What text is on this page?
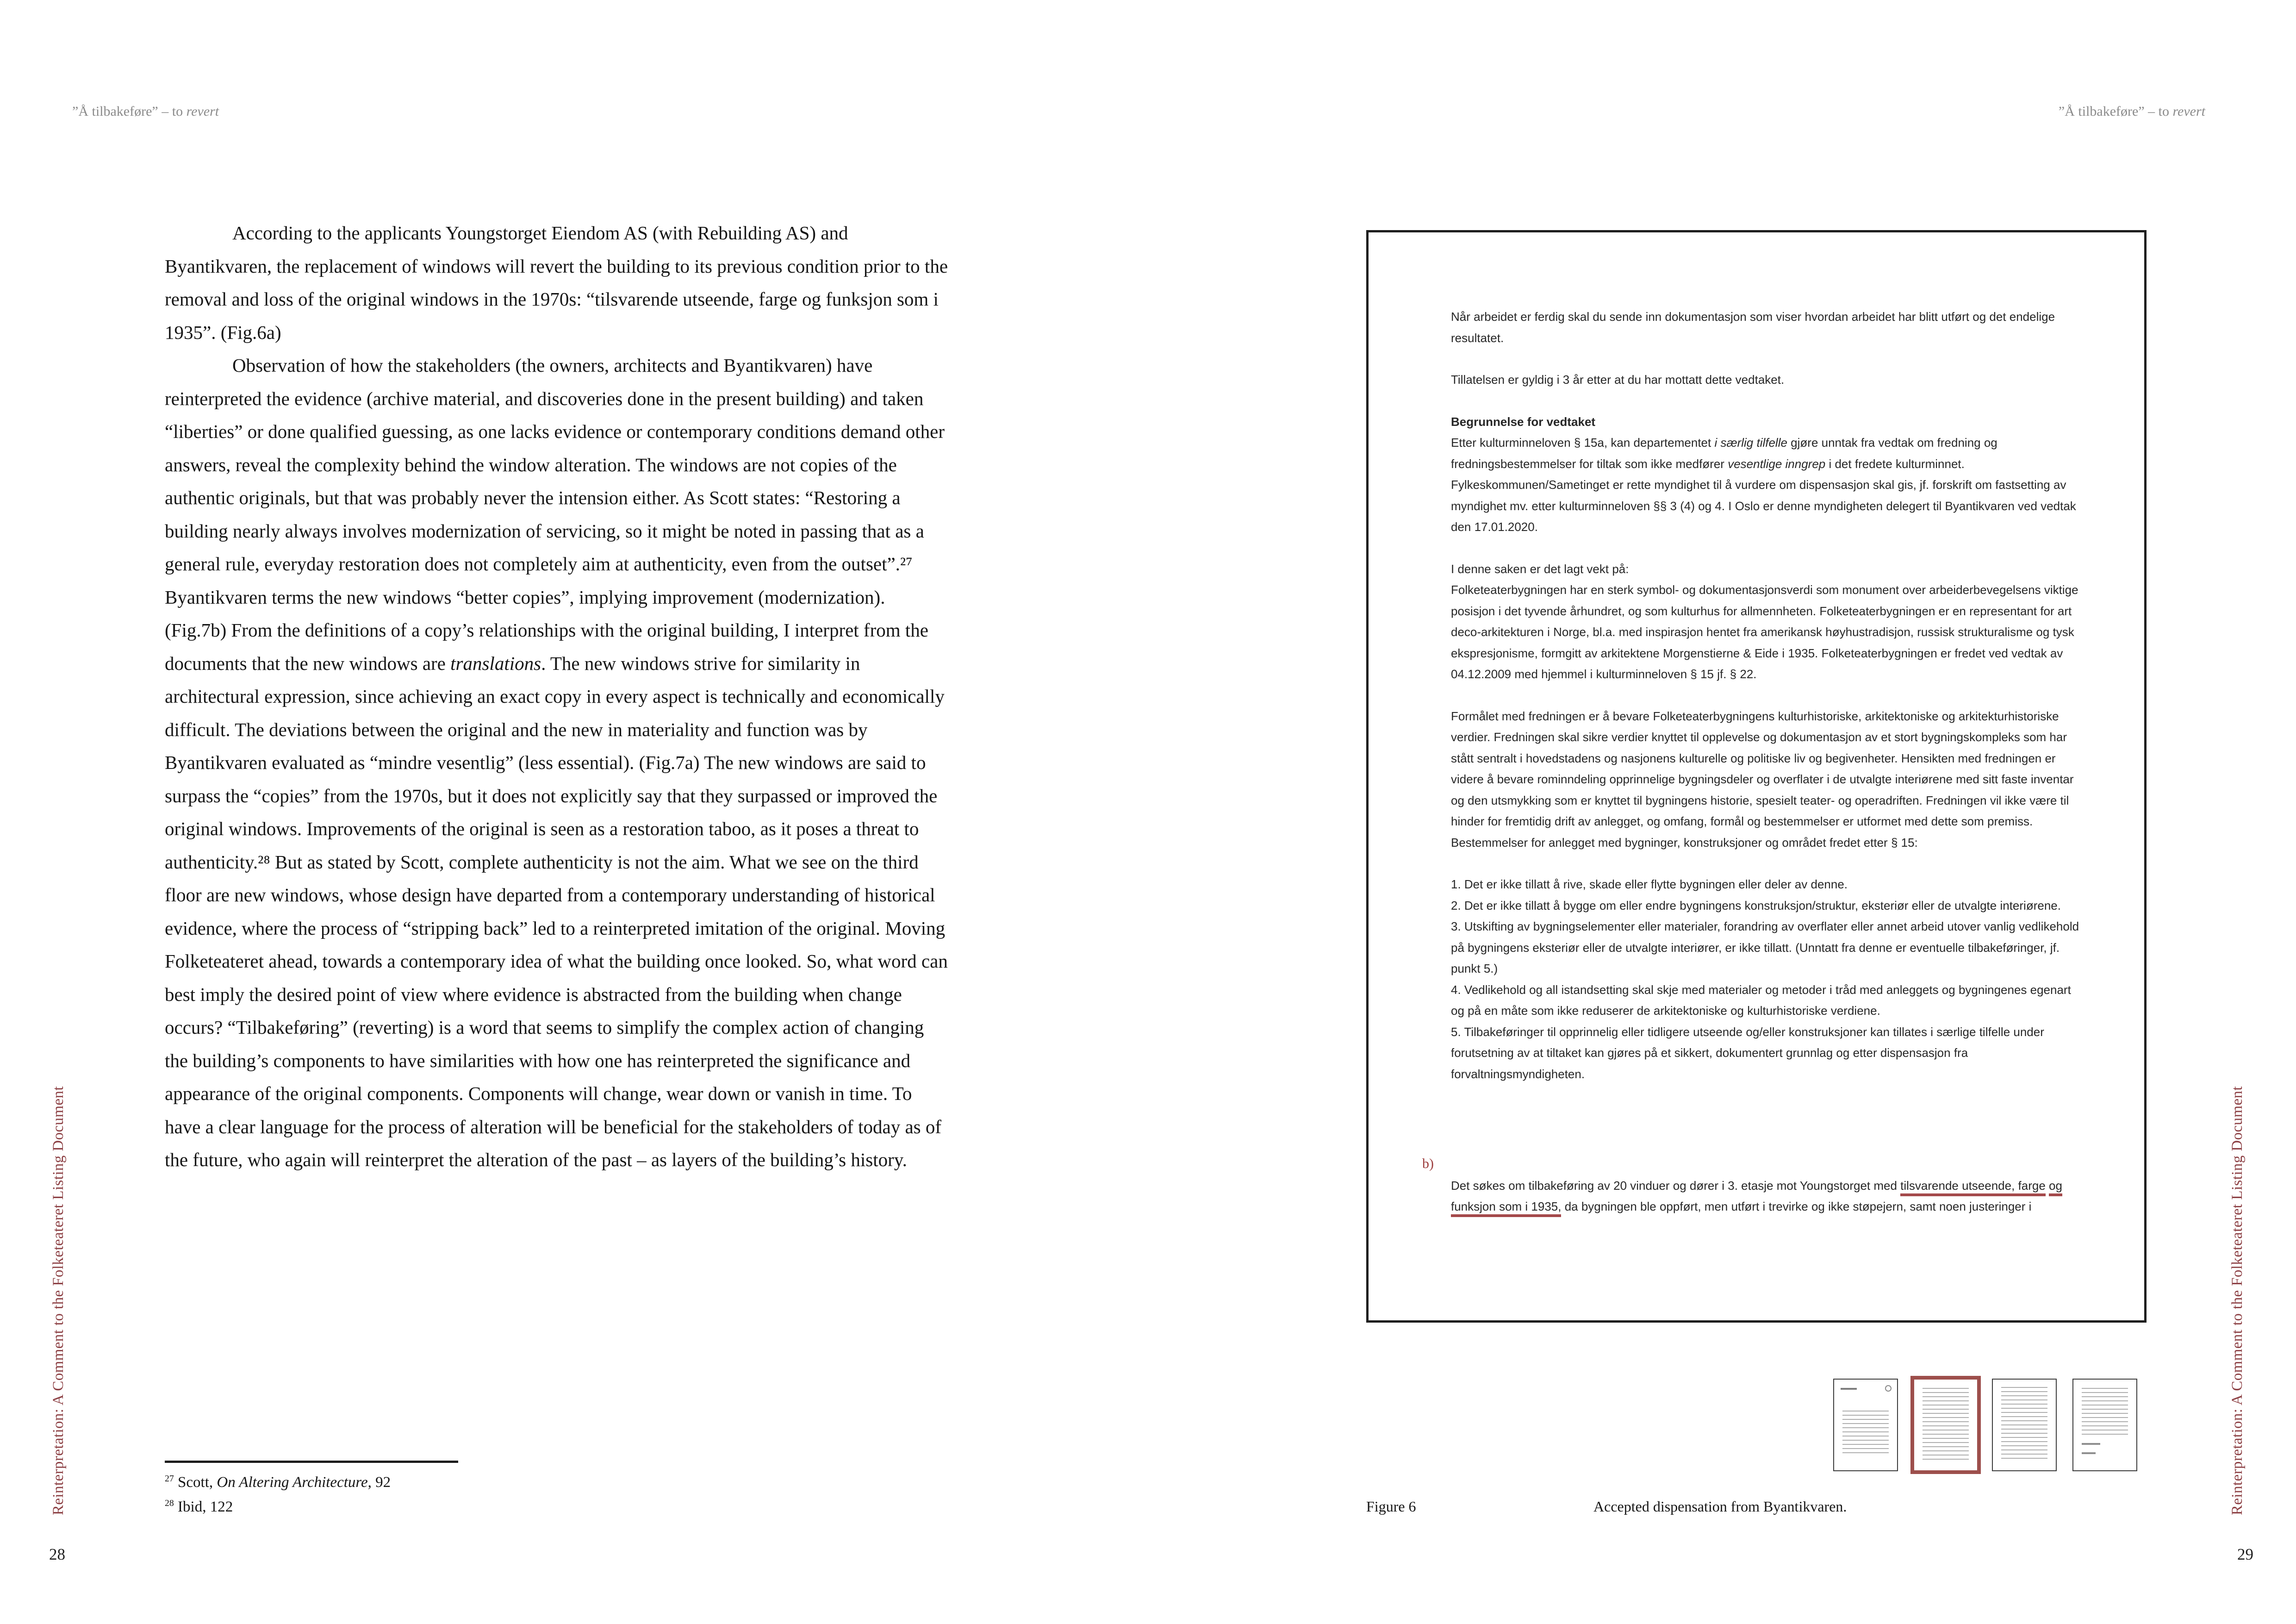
”Å tilbakeføre” – to revert	”Å tilbakeføre” – to revert

According to the applicants Youngstorget Eiendom AS (with Rebuilding AS) and Byantikvaren, the replacement of windows will revert the building to its previous condition prior to the removal and loss of the original windows in the 1970s: “tilsvarende utseende, farge og funksjon som i 1935”. (Fig.6a)

Observation of how the stakeholders (the owners, architects and Byantikvaren) have reinterpreted the evidence (archive material, and discoveries done in the present building) and taken “liberties” or done qualified guessing, as one lacks evidence or contemporary conditions demand other answers, reveal the complexity behind the window alteration. The windows are not copies of the authentic originals, but that was probably never the intension either. As Scott states: “Restoring a building nearly always involves modernization of servicing, so it might be noted in passing that as a general rule, everyday restoration does not completely aim at authenticity, even from the outset”.²⁷ Byantikvaren terms the new windows “better copies”, implying improvement (modernization). (Fig.7b) From the definitions of a copy’s relationships with the original building, I interpret from the documents that the new windows are translations. The new windows strive for similarity in architectural expression, since achieving an exact copy in every aspect is technically and economically difficult. The deviations between the original and the new in materiality and function was by Byantikvaren evaluated as “mindre vesentlig” (less essential). (Fig.7a) The new windows are said to surpass the “copies” from the 1970s, but it does not explicitly say that they surpassed or improved the original windows. Improvements of the original is seen as a restoration taboo, as it poses a threat to authenticity.²⁸ But as stated by Scott, complete authenticity is not the aim. What we see on the third floor are new windows, whose design have departed from a contemporary understanding of historical evidence, where the process of “stripping back” led to a reinterpreted imitation of the original. Moving Folketeateret ahead, towards a contemporary idea of what the building once looked. So, what word can best imply the desired point of view where evidence is abstracted from the building when change occurs? “Tilbakeføring” (reverting) is a word that seems to simplify the complex action of changing the building’s components to have similarities with how one has reinterpreted the significance and appearance of the original components. Components will change, wear down or vanish in time. To have a clear language for the process of alteration will be beneficial for the stakeholders of today as of the future, who again will reinterpret the alteration of the past – as layers of the building’s history.

$^{27}$ Scott, On Altering Architecture, 92
$^{28}$ Ibid, 122
Reinterpretation: A Comment to the Folketeateret Listing Document	Reinterpretation: A Comment to the Folketeateret Listing Document
28	29

Når arbeidet er ferdig skal du sende inn dokumentasjon som viser hvordan arbeidet har blitt utført og det endelige resultatet.

Tillatelsen er gyldig i 3 år etter at du har mottatt dette vedtaket.

Begrunnelse for vedtaket

Etter kulturminneloven § 15a, kan departementet i særlig tilfelle gjøre unntak fra vedtak om fredning og fredningsbestemmelser for tiltak som ikke medfører vesentlige inngrep i det fredete kulturminnet. Fylkeskommunen/Sametinget er rette myndighet til å vurdere om dispensasjon skal gis, jf. forskrift om fastsetting av myndighet mv. etter kulturminneloven §§ 3 (4) og 4. I Oslo er denne myndigheten delegert til Byantikvaren ved vedtak den 17.01.2020.

I denne saken er det lagt vekt på:

Folketeaterbygningen har en sterk symbol- og dokumentasjonsverdi som monument over arbeiderbevegelsens viktige posisjon i det tyvende århundret, og som kulturhus for allmennheten. Folketeaterbygningen er en representant for art deco-arkitekturen i Norge, bl.a. med inspirasjon hentet fra amerikansk høyhustradisjon, russisk strukturalisme og tysk ekspresjonisme, formgitt av arkitektene Morgenstierne & Eide i 1935. Folketeaterbygningen er fredet ved vedtak av 04.12.2009 med hjemmel i kulturminneloven § 15 jf. § 22.

Formålet med fredningen er å bevare Folketeaterbygningens kulturhistoriske, arkitektoniske og arkitekturhistoriske verdier. Fredningen skal sikre verdier knyttet til opplevelse og dokumentasjon av et stort bygningskompleks som har stått sentralt i hovedstadens og nasjonens kulturelle og politiske liv og begivenheter. Hensikten med fredningen er videre å bevare rominndeling opprinnelige bygningsdeler og overflater i de utvalgte interiørene med sitt faste inventar og den utsmykking som er knyttet til bygningens historie, spesielt teater- og operadriften. Fredningen vil ikke være til hinder for fremtidig drift av anlegget, og omfang, formål og bestemmelser er utformet med dette som premiss. Bestemmelser for anlegget med bygninger, konstruksjoner og området fredet etter § 15:

1. Det er ikke tillatt å rive, skade eller flytte bygningen eller deler av denne.

2. Det er ikke tillatt å bygge om eller endre bygningens konstruksjon/struktur, eksteriør eller de utvalgte interiørene.

3. Utskifting av bygningselementer eller materialer, forandring av overflater eller annet arbeid utover vanlig vedlikehold på bygningens eksteriør eller de utvalgte interiører, er ikke tillatt. (Unntatt fra denne er eventuelle tilbakeføringer, jf. punkt 5.)

4. Vedlikehold og all istandsetting skal skje med materialer og metoder i tråd med anleggets og bygningenes egenart og på en måte som ikke reduserer de arkitektoniske og kulturhistoriske verdiene.

5. Tilbakeføringer til opprinnelig eller tidligere utseende og/eller konstruksjoner kan tillates i særlige tilfelle under forutsetning av at tiltaket kan gjøres på et sikkert, dokumentert grunnlag og etter dispensasjon fra forvaltningsmyndigheten.

b)
Det søkes om tilbakeføring av 20 vinduer og dører i 3. etasje mot Youngstorget med tilsvarende utseende, farge og funksjon som i 1935, da bygningen ble oppført, men utført i trevirke og ikke støpejern, samt noen justeringer i

Figure 6	Accepted dispensation from Byantikvaren.
